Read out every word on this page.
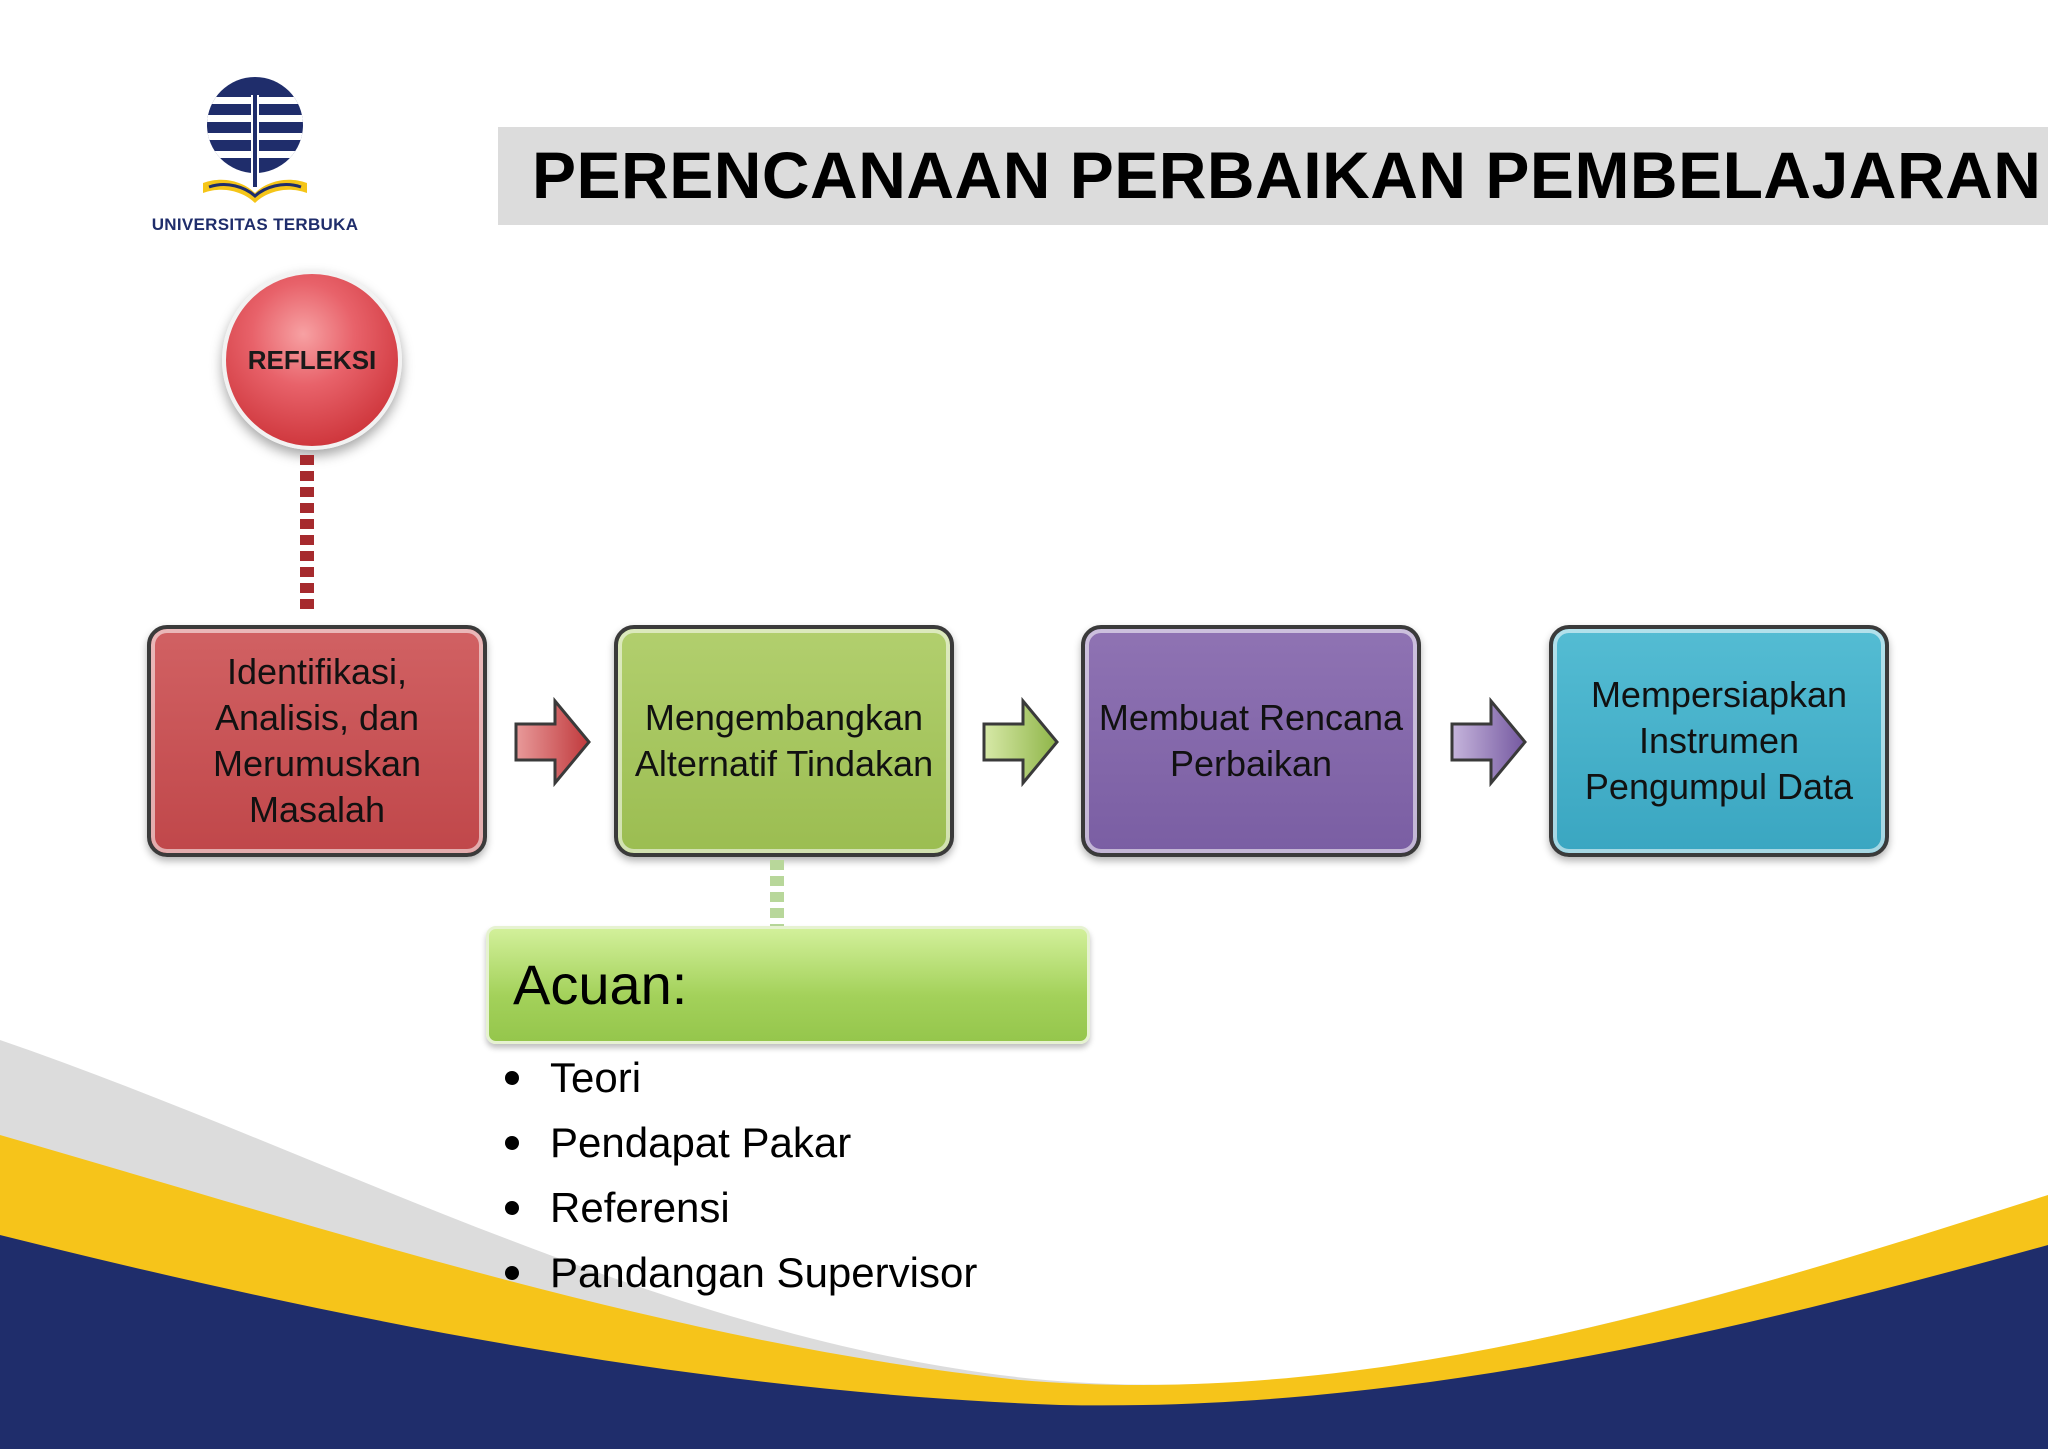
UNIVERSITAS TERBUKA
PERENCANAAN PERBAIKAN PEMBELAJARAN
REFLEKSI
Identifikasi, Analisis, dan Merumuskan Masalah
Mengembangkan Alternatif Tindakan
Membuat Rencana Perbaikan
Mempersiapkan Instrumen Pengumpul Data
Acuan:
Teori
Pendapat Pakar
Referensi
Pandangan Supervisor
